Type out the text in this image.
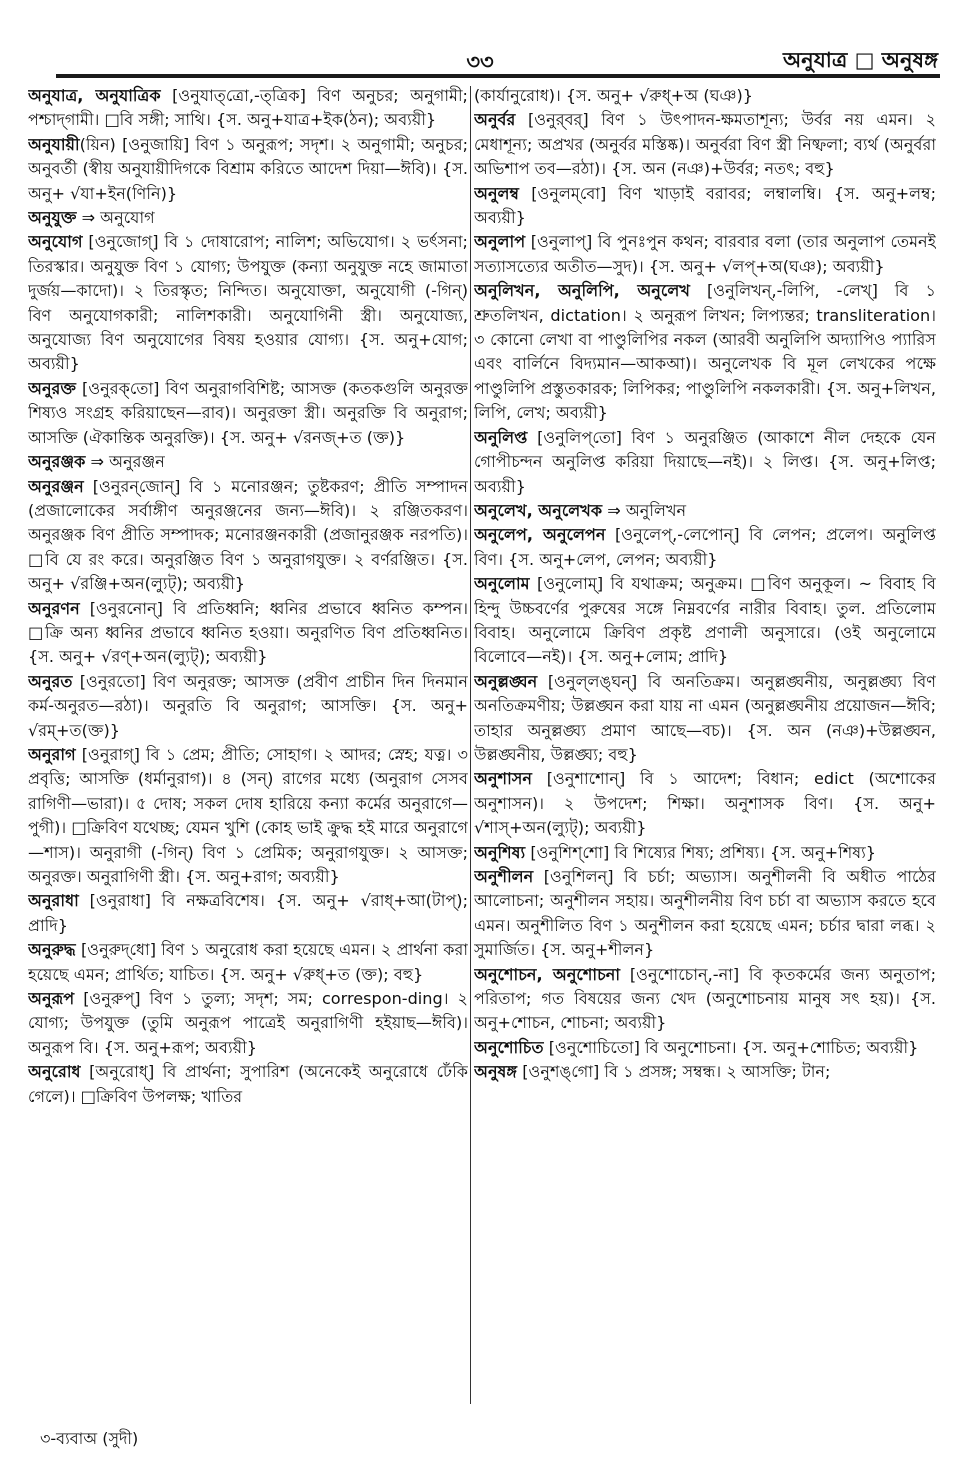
৩৩	অনুযাত্র □ অনুষঙ্গ

অনুযাত্র, অনুযাত্রিক [ওনুযাত্‌ত্রো,-ত্‌ত্রিক] বিণ অনুচর; অনুগামী; পশ্চাদ্‌গামী। □বি সঙ্গী; সাথি। {স. অনু+যাত্র+ইক(ঠন); অব্যয়ী}

অনুযায়ী(য়িন) [ওনুজায়ি] বিণ ১ অনুরূপ; সদৃশ। ২ অনুগামী; অনুচর; অনুবর্তী (স্বীয় অনুযায়ীদিগকে বিশ্রাম করিতে আদেশ দিয়া—ঈবি)। {স. অনু+ √যা+ইন(ণিনি)}

অনুযুক্ত ⇒ অনুযোগ

অনুযোগ [ওনুজোগ্] বি ১ দোষারোপ; নালিশ; অভিযোগ। ২ ভর্ৎসনা; তিরস্কার। অনুযুক্ত বিণ ১ যোগ্য; উপযুক্ত (কন্যা অনুযুক্ত নহে জামাতা দুর্জয়—কাদো)। ২ তিরস্কৃত; নিন্দিত। অনুযোক্তা, অনুযোগী (-গিন্) বিণ অনুযোগকারী; নালিশকারী। অনুযোগিনী স্ত্রী। অনুযোজ্য, অনুযোজ্য বিণ অনুযোগের বিষয় হওয়ার যোগ্য। {স. অনু+যোগ; অব্যয়ী}

অনুরক্ত [ওনুরক্‌তো] বিণ অনুরাগবিশিষ্ট; আসক্ত (কতকগুলি অনুরক্ত শিষ্যও সংগ্রহ করিয়াছেন—রাব)। অনুরক্তা স্ত্রী। অনুরক্তি বি অনুরাগ; আসক্তি (ঐকান্তিক অনুরক্তি)। {স. অনু+ √রনজ্+ত (ক্ত)}

অনুরঞ্জক ⇒ অনুরঞ্জন

অনুরঞ্জন [ওনুরন্‌জোন্] বি ১ মনোরঞ্জন; তুষ্টকরণ; প্রীতি সম্পাদন (প্রজালোকের সর্বাঙ্গীণ অনুরঞ্জনের জন্য—ঈবি)। ২ রঞ্জিতকরণ। অনুরঞ্জক বিণ প্রীতি সম্পাদক; মনোরঞ্জনকারী (প্রজানুরঞ্জক নরপতি)। □বি যে রং করে। অনুরঞ্জিত বিণ ১ অনুরাগযুক্ত। ২ বর্ণরঞ্জিত। {স. অনু+ √রঞ্জি+অন(ল্যুট্); অব্যয়ী}

অনুরণন [ওনুরনোন্] বি প্রতিধ্বনি; ধ্বনির প্রভাবে ধ্বনিত কম্পন। □ক্রি অন্য ধ্বনির প্রভাবে ধ্বনিত হওয়া। অনুরণিত বিণ প্রতিধ্বনিত। {স. অনু+ √রণ্+অন(ল্যুট্); অব্যয়ী}

অনুরত [ওনুরতো] বিণ অনুরক্ত; আসক্ত (প্রবীণ প্রাচীন দিন দিনমান কর্ম-অনুরত—রঠা)। অনুরতি বি অনুরাগ; আসক্তি। {স. অনু+ √রম্+ত(ক্ত)}

অনুরাগ [ওনুরাগ্] বি ১ প্রেম; প্রীতি; সোহাগ। ২ আদর; স্নেহ; যত্ন। ৩ প্রবৃত্তি; আসক্তি (ধর্মানুরাগ)। ৪ (সন্) রাগের মধ্যে (অনুরাগ সেসব রাগিণী—ভারা)। ৫ দোষ; সকল দোষ হারিয়ে কন্যা কর্মের অনুরাগে—পুগী)। □ক্রিবিণ যথেচ্ছ; যেমন খুশি (কোহ ভাই ক্রুদ্ধ হই মারে অনুরাগে—শাস)। অনুরাগী (-গিন্) বিণ ১ প্রেমিক; অনুরাগযুক্ত। ২ আসক্ত; অনুরক্ত। অনুরাগিণী স্ত্রী। {স. অনু+রাগ; অব্যয়ী}

অনুরাধা [ওনুরাধা] বি নক্ষত্রবিশেষ। {স. অনু+ √রাধ্+আ(টাপ্); প্রাদি}

অনুরুদ্ধ [ওনুরুদ্‌ধো] বিণ ১ অনুরোধ করা হয়েছে এমন। ২ প্রার্থনা করা হয়েছে এমন; প্রার্থিত; যাচিত। {স. অনু+ √রুধ্+ত (ক্ত); বহু}

অনুরূপ [ওনুরুপ্] বিণ ১ তুল্য; সদৃশ; সম; correspon-ding। ২ যোগ্য; উপযুক্ত (তুমি অনুরূপ পাত্রেই অনুরাগিণী হইয়াছ—ঈবি)। অনুরূপ বি। {স. অনু+রূপ; অব্যয়ী}

অনুরোধ [অনুরোধ্] বি প্রার্থনা; সুপারিশ (অনেকেই অনুরোধে ঢেঁকি গেলে)। □ক্রিবিণ উপলক্ষ; খাতির

(কার্যানুরোধ)। {স. অনু+ √রুধ্+অ (ঘঞ)}

অনুর্বর [ওনুর্‌বর্] বিণ ১ উৎপাদন-ক্ষমতাশূন্য; উর্বর নয় এমন। ২ মেধাশূন্য; অপ্রখর (অনুর্বর মস্তিষ্ক)। অনুর্বরা বিণ স্ত্রী নিষ্ফলা; ব্যর্থ (অনুর্বরা অভিশাপ তব—রঠা)। {স. অন (নঞ)+উর্বর; নতৎ; বহু}

অনুলম্ব [ওনুলম্‌বো] বিণ খাড়াই বরাবর; লম্বালম্বি। {স. অনু+লম্ব; অব্যয়ী}

অনুলাপ [ওনুলাপ্] বি পুনঃপুন কথন; বারবার বলা (তার অনুলাপ তেমনই সত্যাসত্যের অতীত—সুদ)। {স. অনু+ √লপ্+অ(ঘঞ); অব্যয়ী}

অনুলিখন, অনুলিপি, অনুলেখ [ওনুলিখন্,-লিপি, -লেখ্] বি ১ শ্রুতলিখন, dictation। ২ অনুরূপ লিখন; লিপ্যন্তর; transliteration। ৩ কোনো লেখা বা পাণ্ডুলিপির নকল (আরবী অনুলিপি অদ্যাপিও প্যারিস এবং বার্লিনে বিদ্যমান—আকআ)। অনুলেখক বি মূল লেখকের পক্ষে পাণ্ডুলিপি প্রস্তুতকারক; লিপিকর; পাণ্ডুলিপি নকলকারী। {স. অনু+লিখন, লিপি, লেখ; অব্যয়ী}

অনুলিপ্ত [ওনুলিপ্‌তো] বিণ ১ অনুরঞ্জিত (আকাশে নীল দেহকে যেন গোপীচন্দন অনুলিপ্ত করিয়া দিয়াছে—নই)। ২ লিপ্ত। {স. অনু+লিপ্ত; অব্যয়ী}

অনুলেখ, অনুলেখক ⇒ অনুলিখন

অনুলেপ, অনুলেপন [ওনুলেপ্,-লেপোন্] বি লেপন; প্রলেপ। অনুলিপ্ত বিণ। {স. অনু+লেপ, লেপন; অব্যয়ী}

অনুলোম [ওনুলোম্] বি যথাক্রম; অনুক্রম। □বিণ অনুকূল। ~ বিবাহ বি হিন্দু উচ্চবর্ণের পুরুষের সঙ্গে নিম্নবর্ণের নারীর বিবাহ। তুল. প্রতিলোম বিবাহ। অনুলোমে ক্রিবিণ প্রকৃষ্ট প্রণালী অনুসারে। (ওই অনুলোমে বিলোবে—নই)। {স. অনু+লোম; প্রাদি}

অনুল্লঙ্ঘন [ওনুল্‌লঙ্‌ঘন্] বি অনতিক্রম। অনুল্লঙ্ঘনীয়, অনুল্লঙ্ঘ্য বিণ অনতিক্রমণীয়; উল্লঙ্ঘন করা যায় না এমন (অনুল্লঙ্ঘনীয় প্রয়োজন—ঈবি; তাহার অনুল্লঙ্ঘ্য প্রমাণ আছে—বচ)। {স. অন (নঞ)+উল্লঙ্ঘন, উল্লঙ্ঘনীয়, উল্লঙ্ঘ্য; বহু}

অনুশাসন [ওনুশাশোন্] বি ১ আদেশ; বিধান; edict (অশোকের অনুশাসন)। ২ উপদেশ; শিক্ষা। অনুশাসক বিণ। {স. অনু+ √শাস্+অন(ল্যুট্); অব্যয়ী}

অনুশিষ্য [ওনুশিশ্‌শো] বি শিষ্যের শিষ্য; প্রশিষ্য। {স. অনু+শিষ্য}

অনুশীলন [ওনুশিলন্] বি চর্চা; অভ্যাস। অনুশীলনী বি অধীত পাঠের আলোচনা; অনুশীলন সহায়। অনুশীলনীয় বিণ চর্চা বা অভ্যাস করতে হবে এমন। অনুশীলিত বিণ ১ অনুশীলন করা হয়েছে এমন; চর্চার দ্বারা লব্ধ। ২ সুমার্জিত। {স. অনু+শীলন}

অনুশোচন, অনুশোচনা [ওনুশোচোন্,-না] বি কৃতকর্মের জন্য অনুতাপ; পরিতাপ; গত বিষয়ের জন্য খেদ (অনুশোচনায় মানুষ সৎ হয়)। {স. অনু+শোচন, শোচনা; অব্যয়ী}

অনুশোচিত [ওনুশোচিতো] বি অনুশোচনা। {স. অনু+শোচিত; অব্যয়ী}

অনুষঙ্গ [ওনুশঙ্‌গো] বি ১ প্রসঙ্গ; সম্বন্ধ। ২ আসক্তি; টান;

৩-ব্যবাঅ (সুদী)
